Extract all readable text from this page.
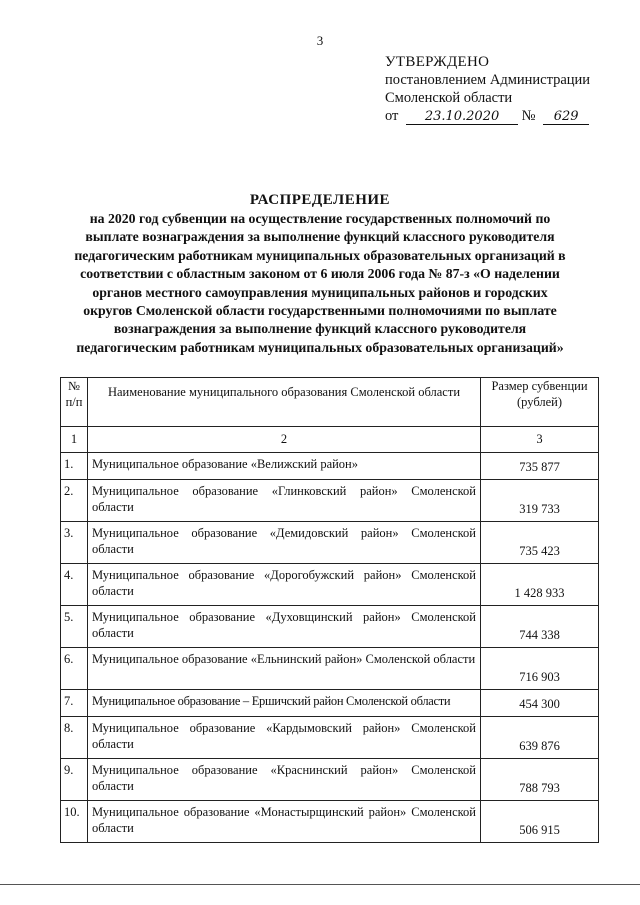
3
УТВЕРЖДЕНО
постановлением Администрации
Смоленской области
от 23.10.2020 № 629
РАСПРЕДЕЛЕНИЕ
на 2020 год субвенции на осуществление государственных полномочий по
выплате вознаграждения за выполнение функций классного руководителя
педагогическим работникам муниципальных образовательных организаций в
соответствии с областным законом от 6 июля 2006 года № 87-з «О наделении
органов местного самоуправления муниципальных районов и городских
округов Смоленской области государственными полномочиями по выплате
вознаграждения за выполнение функций классного руководителя
педагогическим работникам муниципальных образовательных организаций»
№
п/п	Наименование муниципального образования Смоленской области	Размер субвенции
(рублей)
1	2	3
1.	Муниципальное образование «Велижский район»	735 877
2.	Муниципальное образование «Глинковский район» Смоленской области	319 733
3.	Муниципальное образование «Демидовский район» Смоленской области	735 423
4.	Муниципальное образование «Дорогобужский район» Смоленской области	1 428 933
5.	Муниципальное образование «Духовщинский район» Смоленской области	744 338
6.	Муниципальное образование «Ельнинский район» Смоленской области	716 903
7.	Муниципальное образование – Ершичский район Смоленской области	454 300
8.	Муниципальное образование «Кардымовский район» Смоленской области	639 876
9.	Муниципальное образование «Краснинский район» Смоленской области	788 793
10.	Муниципальное образование «Монастырщинский район» Смоленской области	506 915
